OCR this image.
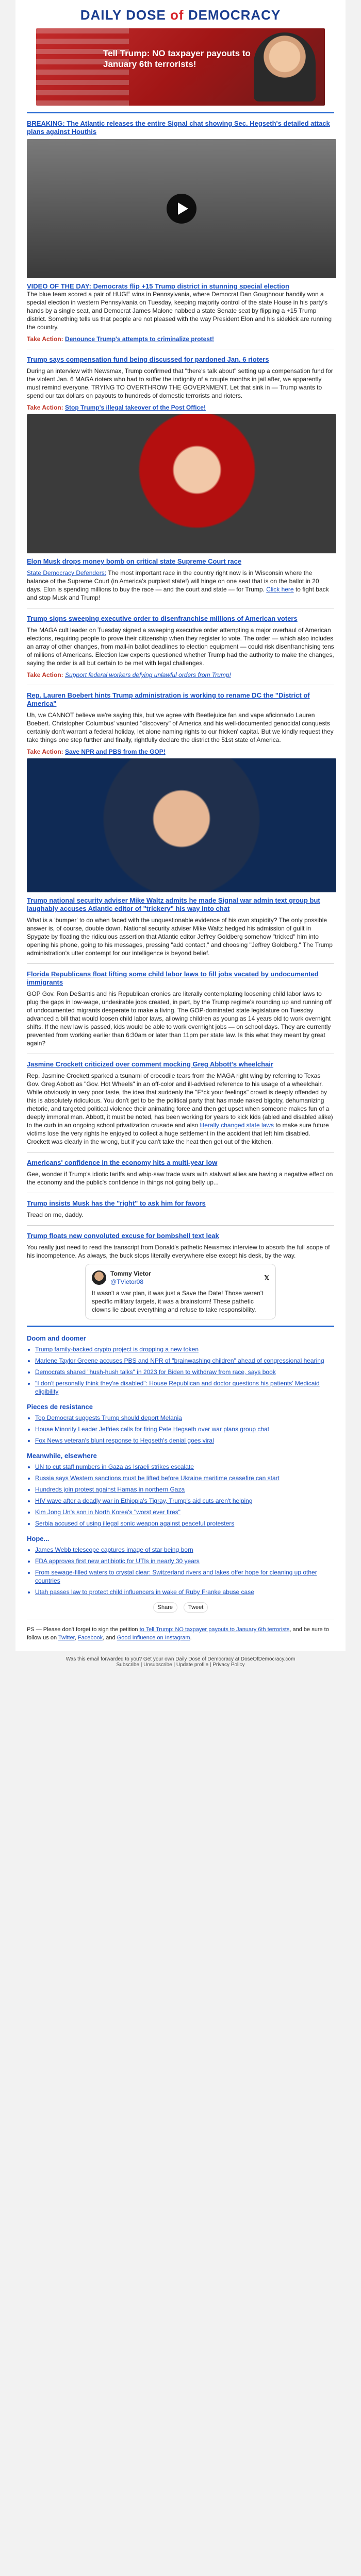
DAILY DOSE of DEMOCRACY
Tell Trump: NO taxpayer payouts to January 6th terrorists!
BREAKING: The Atlantic releases the entire Signal chat showing Sec. Hegseth's detailed attack plans against Houthis
VIDEO OF THE DAY: Democrats flip +15 Trump district in stunning special election

The blue team scored a pair of HUGE wins in Pennsylvania, where Democrat Dan Goughnour handily won a special election in western Pennsylvania on Tuesday, keeping majority control of the state House in his party's hands by a single seat, and Democrat James Malone nabbed a state Senate seat by flipping a +15 Trump district. Something tells us that people are not pleased with the way President Elon and his sidekick are running the country.

Take Action: Denounce Trump's attempts to criminalize protest!
Trump says compensation fund being discussed for pardoned Jan. 6 rioters

During an interview with Newsmax, Trump confirmed that "there's talk about" setting up a compensation fund for the violent Jan. 6 MAGA rioters who had to suffer the indignity of a couple months in jail after, we apparently must remind everyone, TRYING TO OVERTHROW THE GOVERNMENT. Let that sink in — Trump wants to spend our tax dollars on payouts to hundreds of domestic terrorists and rioters.

Take Action: Stop Trump's illegal takeover of the Post Office!
Elon Musk drops money bomb on critical state Supreme Court race

State Democracy Defenders: The most important race in the country right now is in Wisconsin where the balance of the Supreme Court (in America's purplest state!) will hinge on one seat that is on the ballot in 20 days. Elon is spending millions to buy the race — and the court and state — for Trump. Click here to fight back and stop Musk and Trump!

Trump signs sweeping executive order to disenfranchise millions of American voters

The MAGA cult leader on Tuesday signed a sweeping executive order attempting a major overhaul of American elections, requiring people to prove their citizenship when they register to vote. The order — which also includes an array of other changes, from mail-in ballot deadlines to election equipment — could risk disenfranchising tens of millions of Americans. Election law experts questioned whether Trump had the authority to make the changes, saying the order is all but certain to be met with legal challenges.

Take Action: Support federal workers defying unlawful orders from Trump!
Rep. Lauren Boebert hints Trump administration is working to rename DC the "District of America"

Uh, we CANNOT believe we're saying this, but we agree with Beetlejuice fan and vape aficionado Lauren Boebert. Christopher Columbus' vaunted "discovery" of America and his well-documented genocidal conquests certainly don't warrant a federal holiday, let alone naming rights to our fricken' capital. But we kindly request they take things one step further and finally, rightfully declare the district the 51st state of America.

Take Action: Save NPR and PBS from the GOP!
Trump national security adviser Mike Waltz admits he made Signal war admin text group but laughably accuses Atlantic editor of "trickery" his way into chat

What is a 'bumper' to do when faced with the unquestionable evidence of his own stupidity? The only possible answer is, of course, double down. National security adviser Mike Waltz hedged his admission of guilt in Spygate by floating the ridiculous assertion that Atlantic editor Jeffrey Goldberg somehow "tricked" him into opening his phone, going to his messages, pressing "add contact," and choosing "Jeffrey Goldberg." The Trump administration's utter contempt for our intelligence is beyond belief.

Florida Republicans float lifting some child labor laws to fill jobs vacated by undocumented immigrants

GOP Gov. Ron DeSantis and his Republican cronies are literally contemplating loosening child labor laws to plug the gaps in low-wage, undesirable jobs created, in part, by the Trump regime's rounding up and running off of undocumented migrants desperate to make a living. The GOP-dominated state legislature on Tuesday advanced a bill that would loosen child labor laws, allowing children as young as 14 years old to work overnight shifts. If the new law is passed, kids would be able to work overnight jobs — on school days. They are currently prevented from working earlier than 6:30am or later than 11pm per state law. Is this what they meant by great again?

Jasmine Crockett criticized over comment mocking Greg Abbott's wheelchair

Rep. Jasmine Crockett sparked a tsunami of crocodile tears from the MAGA right wing by referring to Texas Gov. Greg Abbott as "Gov. Hot Wheels" in an off-color and ill-advised reference to his usage of a wheelchair. While obviously in very poor taste, the idea that suddenly the "F*ck your feelings" crowd is deeply offended by this is absolutely ridiculous. You don't get to be the political party that has made naked bigotry, dehumanizing rhetoric, and targeted political violence their animating force and then get upset when someone makes fun of a deeply immoral man. Abbott, it must be noted, has been working for years to kick kids (abled and disabled alike) to the curb in an ongoing school privatization crusade and also literally changed state laws to make sure future victims lose the very rights he enjoyed to collect a huge settlement in the accident that left him disabled. Crockett was clearly in the wrong, but if you can't take the heat then get out of the kitchen.

Americans' confidence in the economy hits a multi-year low

Gee, wonder if Trump's idiotic tariffs and whip-saw trade wars with stalwart allies are having a negative effect on the economy and the public's confidence in things not going belly up...

Trump insists Musk has the "right" to ask him for favors

Tread on me, daddy.

Trump floats new convoluted excuse for bombshell text leak

You really just need to read the transcript from Donald's pathetic Newsmax interview to absorb the full scope of his incompetence. As always, the buck stops literally everywhere else except his desk, by the way.

Tommy Vietor
@TVietor08
𝕏
It wasn't a war plan, it was just a Save the Date! Those weren't specific military targets, it was a brainstorm! These pathetic clowns lie about everything and refuse to take responsibility.
Doom and doomer
• Trump family-backed crypto project is dropping a new token
• Marlene Taylor Greene accuses PBS and NPR of "brainwashing children" ahead of congressional hearing
• Democrats shared "hush-hush talks" in 2023 for Biden to withdraw from race, says book
• "I don't personally think they're disabled": House Republican and doctor questions his patients' Medicaid eligibility
Pieces de resistance
• Top Democrat suggests Trump should deport Melania
• House Minority Leader Jeffries calls for firing Pete Hegseth over war plans group chat
• Fox News veteran's blunt response to Hegseth's denial goes viral
Meanwhile, elsewhere
• UN to cut staff numbers in Gaza as Israeli strikes escalate
• Russia says Western sanctions must be lifted before Ukraine maritime ceasefire can start
• Hundreds join protest against Hamas in northern Gaza
• HIV wave after a deadly war in Ethiopia's Tigray, Trump's aid cuts aren't helping
• Kim Jong Un's son in North Korea's "worst ever fires"
• Serbia accused of using illegal sonic weapon against peaceful protesters
Hope...
• James Webb telescope captures image of star being born
• FDA approves first new antibiotic for UTIs in nearly 30 years
• From sewage-filled waters to crystal clear: Switzerland rivers and lakes offer hope for cleaning up other countries
• Utah passes law to protect child influencers in wake of Ruby Franke abuse case
Share	Tweet

PS — Please don't forget to sign the petition to Tell Trump: NO taxpayer payouts to January 6th terrorists, and be sure to follow us on Twitter, Facebook, and Good Influence on Instagram.

Was this email forwarded to you? Get your own Daily Dose of Democracy at DoseOfDemocracy.com
Subscribe | Unsubscribe | Update profile | Privacy Policy
